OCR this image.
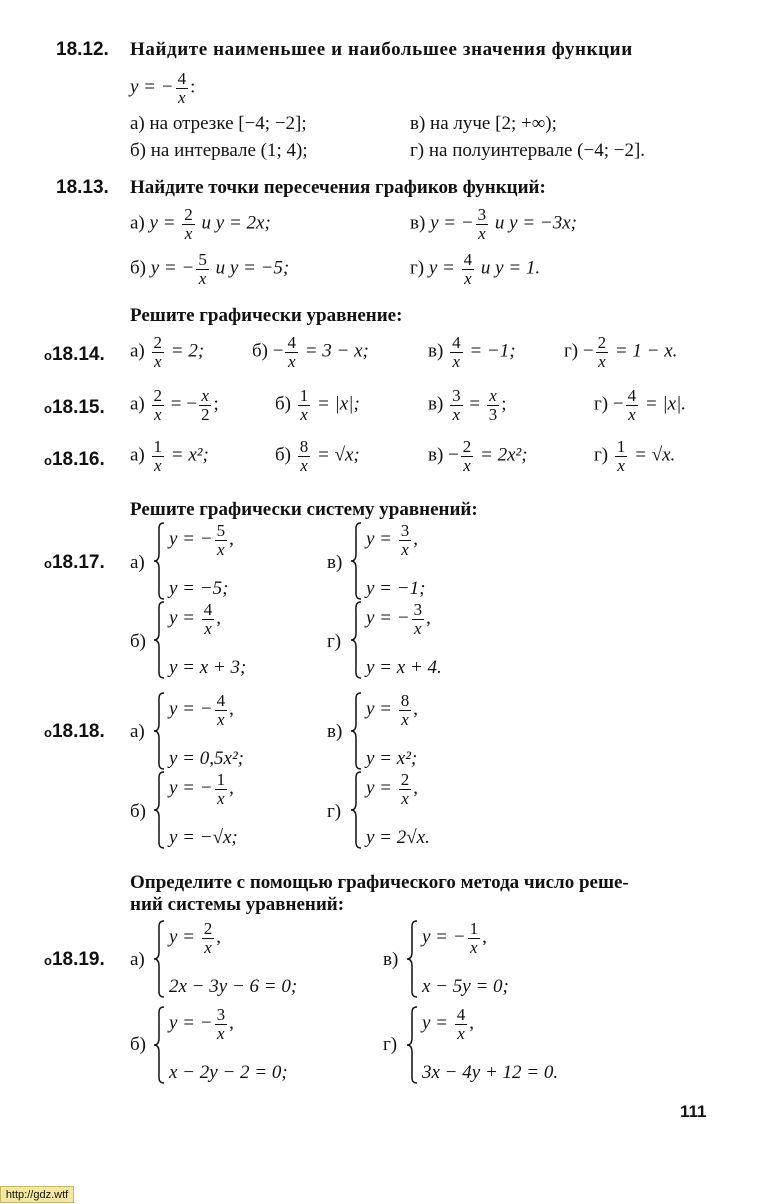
18.12. Найдите наименьшее и наибольшее значения функции
y = − $\frac{4}{x}$ :
а) на отрезке [−4; −2];	в) на луче [2; +∞);
б) на интервале (1; 4);	г) на полуинтервале (−4; −2].
18.13. Найдите точки пересечения графиков функций:
а) $y = \frac{2}{x}$ и y = 2x;	в) y = − $\frac{3}{x}$ и y = −3x;
б) y = − $\frac{5}{x}$ и y = −5;	г) $y = \frac{4}{x}$ и y = 1.
Решите графически уравнение:
о18.14. $а) \frac{2}{x} = 2$;	$б) - \frac{4}{x} = 3 - x$;	$в) \frac{4}{x} = -1$;	$г) - \frac{2}{x} = 1 - x$.
о18.15. $а) \frac{2}{x}$ = − $\frac{x}{2}$ ;	$б) \frac{1}{x} = |x|$;	$в) \frac{3}{x} = \frac{x}{3}$ ;	$г) - \frac{4}{x} = |x|$.
о18.16. $а) \frac{1}{x} = x^2$;	$б) \frac{8}{x} = √x$;	$в) - \frac{2}{x} = 2x^2$;	$г) \frac{1}{x} = √x$.
Решите графически систему уравнений:
о18.17. а)
y = − $\frac{5}{x}$ ,
y = −5;
в)
$y = \frac{3}{x}$ ,
y = −1;
б)
$y = \frac{4}{x}$ ,
y = x + 3;
г)
y = − $\frac{3}{x}$ ,
y = x + 4.
о18.18. а)
y = − $\frac{4}{x}$ ,
y = 0,5x²;
в)
$y = \frac{8}{x}$ ,
y = x²;
б)
y = − $\frac{1}{x}$ ,
y = −√x;
г)
$y = \frac{2}{x}$ ,
y = 2√x.
Определите с помощью графического метода число реше-
ний системы уравнений:
о18.19. а)
$y = \frac{2}{x}$ ,
2x − 3y − 6 = 0;
в)
y = − $\frac{1}{x}$ ,
x − 5y = 0;
б)
y = − $\frac{3}{x}$ ,
x − 2y − 2 = 0;
г)
$y = \frac{4}{x}$ ,
3x − 4y + 12 = 0.
111
http://gdz.wtf
